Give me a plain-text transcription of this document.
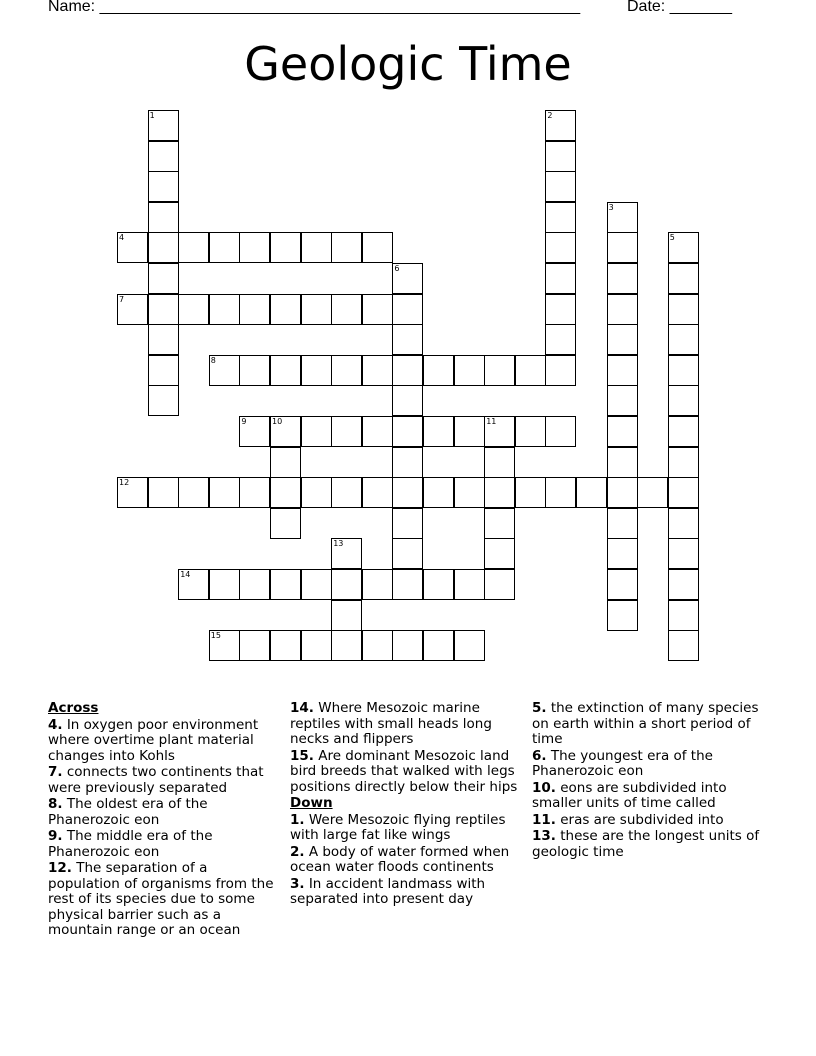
Name: ______________________________________________________	Date: _______
Geologic Time
1	2
3
4	5
6
7
8
9	10	11
12
13
14
15
Across
4. In oxygen poor environment where overtime plant material changes into Kohls
7. connects two continents that were previously separated
8. The oldest era of the Phanerozoic eon
9. The middle era of the Phanerozoic eon
12. The separation of a population of organisms from the rest of its species due to some physical barrier such as a mountain range or an ocean
14. Where Mesozoic marine reptiles with small heads long necks and flippers
15. Are dominant Mesozoic land bird breeds that walked with legs positions directly below their hips
Down
1. Were Mesozoic flying reptiles with large fat like wings
2. A body of water formed when ocean water floods continents
3. In accident landmass with separated into present day
5. the extinction of many species on earth within a short period of time
6. The youngest era of the Phanerozoic eon
10. eons are subdivided into smaller units of time called
11. eras are subdivided into
13. these are the longest units of geologic time
